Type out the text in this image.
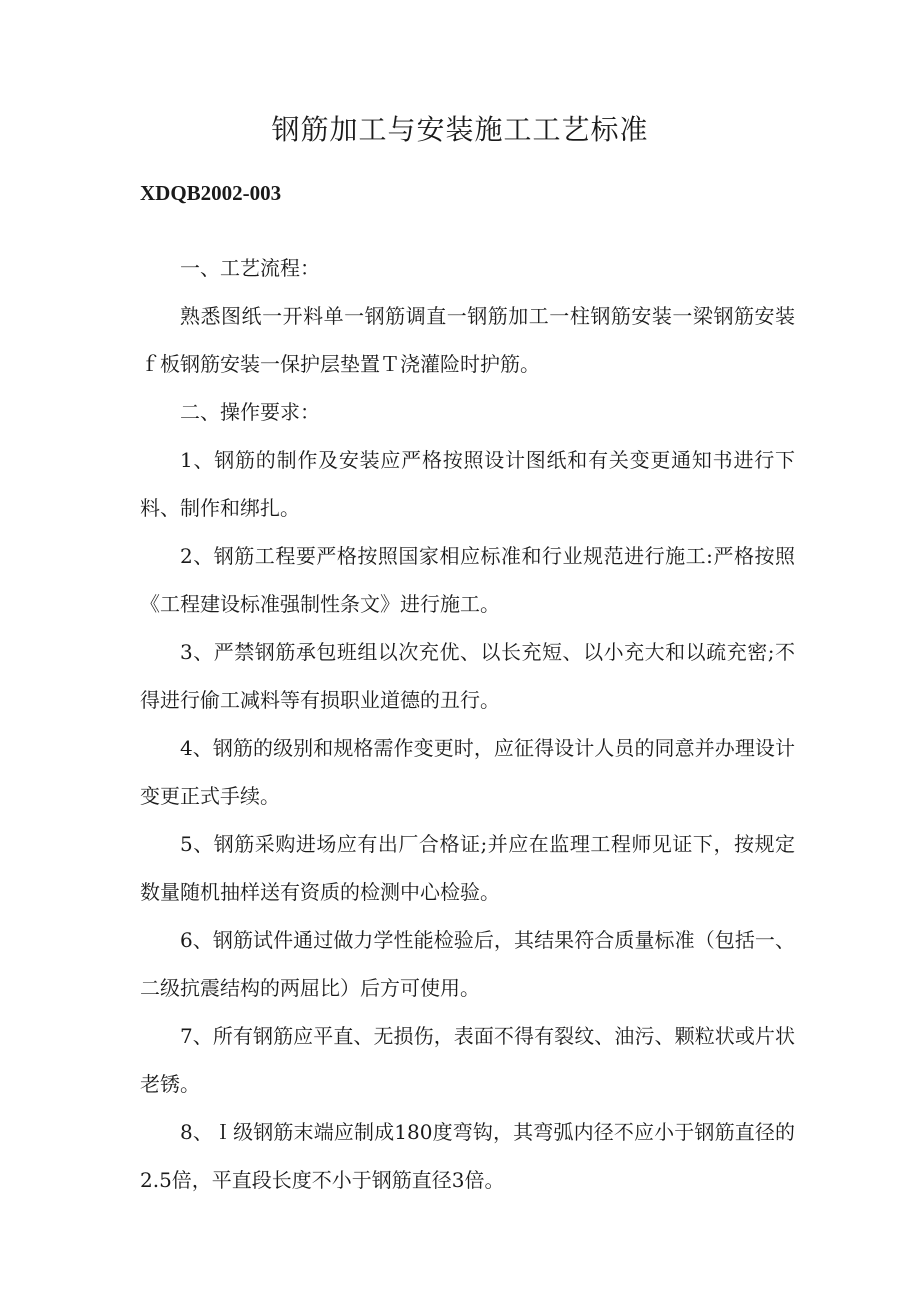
钢筋加工与安装施工工艺标准
XDQB2002-003

一、工艺流程：

熟悉图纸一开料单一钢筋调直一钢筋加工一柱钢筋安装一梁钢筋安装ｆ板钢筋安装一保护层垫置Ｔ浇灌险时护筋。

二、操作要求：

1、钢筋的制作及安装应严格按照设计图纸和有关变更通知书进行下料、制作和绑扎。

2、钢筋工程要严格按照国家相应标准和行业规范进行施工:严格按照《工程建设标准强制性条文》进行施工。

3、严禁钢筋承包班组以次充优、以长充短、以小充大和以疏充密;不得进行偷工减料等有损职业道德的丑行。

4、钢筋的级别和规格需作变更时，应征得设计人员的同意并办理设计变更正式手续。

5、钢筋采购进场应有出厂合格证;并应在监理工程师见证下，按规定数量随机抽样送有资质的检测中心检验。

6、钢筋试件通过做力学性能检验后，其结果符合质量标准（包括一、二级抗震结构的两屈比）后方可使用。

7、所有钢筋应平直、无损伤，表面不得有裂纹、油污、颗粒状或片状老锈。

8、Ｉ级钢筋末端应制成180度弯钩，其弯弧内径不应小于钢筋直径的2.5倍，平直段长度不小于钢筋直径3倍。
